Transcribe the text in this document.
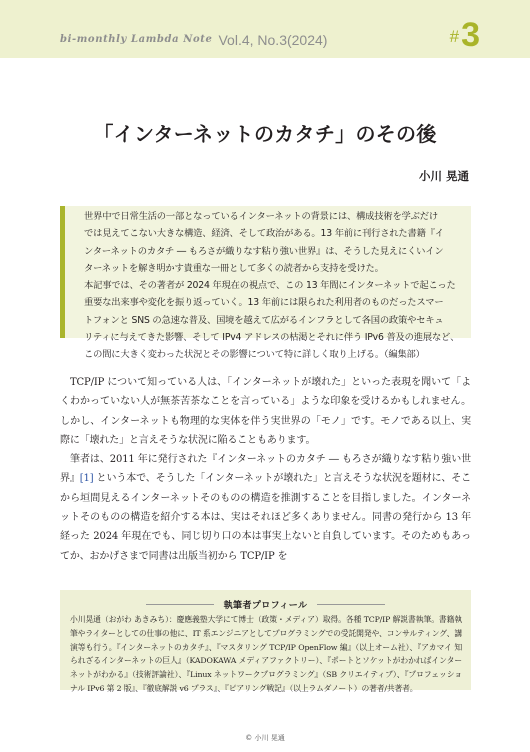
bi-monthly Lambda Note Vol.4, No.3(2024)	# 3
「インターネットのカタチ」のその後
小川 晃通

世界中で日常生活の一部となっているインターネットの背景には、構成技術を学ぶだけ

では見えてこない大きな構造、経済、そして政治がある。13 年前に刊行された書籍『イ

ンターネットのカタチ ― もろさが織りなす粘り強い世界』は、そうした見えにくいイン

ターネットを解き明かす貴重な一冊として多くの読者から支持を受けた。

本記事では、その著者が 2024 年現在の視点で、この 13 年間にインターネットで起こった

重要な出来事や変化を振り返っていく。13 年前には限られた利用者のものだったスマー

トフォンと SNS の急速な普及、国境を越えて広がるインフラとして各国の政策やセキュ

リティに与えてきた影響、そして IPv4 アドレスの枯渇とそれに伴う IPv6 普及の進展など、

この間に大きく変わった状況とその影響について特に詳しく取り上げる。（編集部）

TCP/IP について知っている人は、「インターネットが壊れた」といった表現を聞いて「よくわかっていない人が無茶苦茶なことを言っている」ような印象を受けるかもしれません。しかし、インターネットも物理的な実体を伴う実世界の「モノ」です。モノである以上、実際に「壊れた」と言えそうな状況に陥ることもあります。

筆者は、2011 年に発行された『インターネットのカタチ ― もろさが織りなす粘り強い世界』[1] という本で、そうした「インターネットが壊れた」と言えそうな状況を題材に、そこから垣間見えるインターネットそのものの構造を推測することを目指しました。インターネットそのものの構造を紹介する本は、実はそれほど多くありません。同書の発行から 13 年経った 2024 年現在でも、同じ切り口の本は事実上ないと自負しています。そのためもあってか、おかげさまで同書は出版当初から TCP/IP を

執筆者プロフィール
小川晃通（おがわ あきみち）：慶應義塾大学にて博士（政策・メディア）取得。各種 TCP/IP 解説書執筆。書籍執筆やライターとしての仕事の他に、IT 系エンジニアとしてプログラミングでの受託開発や、コンサルティング、講演等も行う。『インターネットのカタチ』、『マスタリング TCP/IP OpenFlow 編』（以上オーム社）、『アカマイ 知られざるインターネットの巨人』（KADOKAWA メディアファクトリー）、『ポートとソケットがわかればインターネットがわかる』（技術評論社）、『Linux ネットワークプログラミング』（SB クリエイティブ）、『プロフェッショナル IPv6 第 2 版』、『徹底解説 v6 プラス』、『ピアリング戦記』（以上ラムダノート）の著者/共著者。
© 小川 晃通
